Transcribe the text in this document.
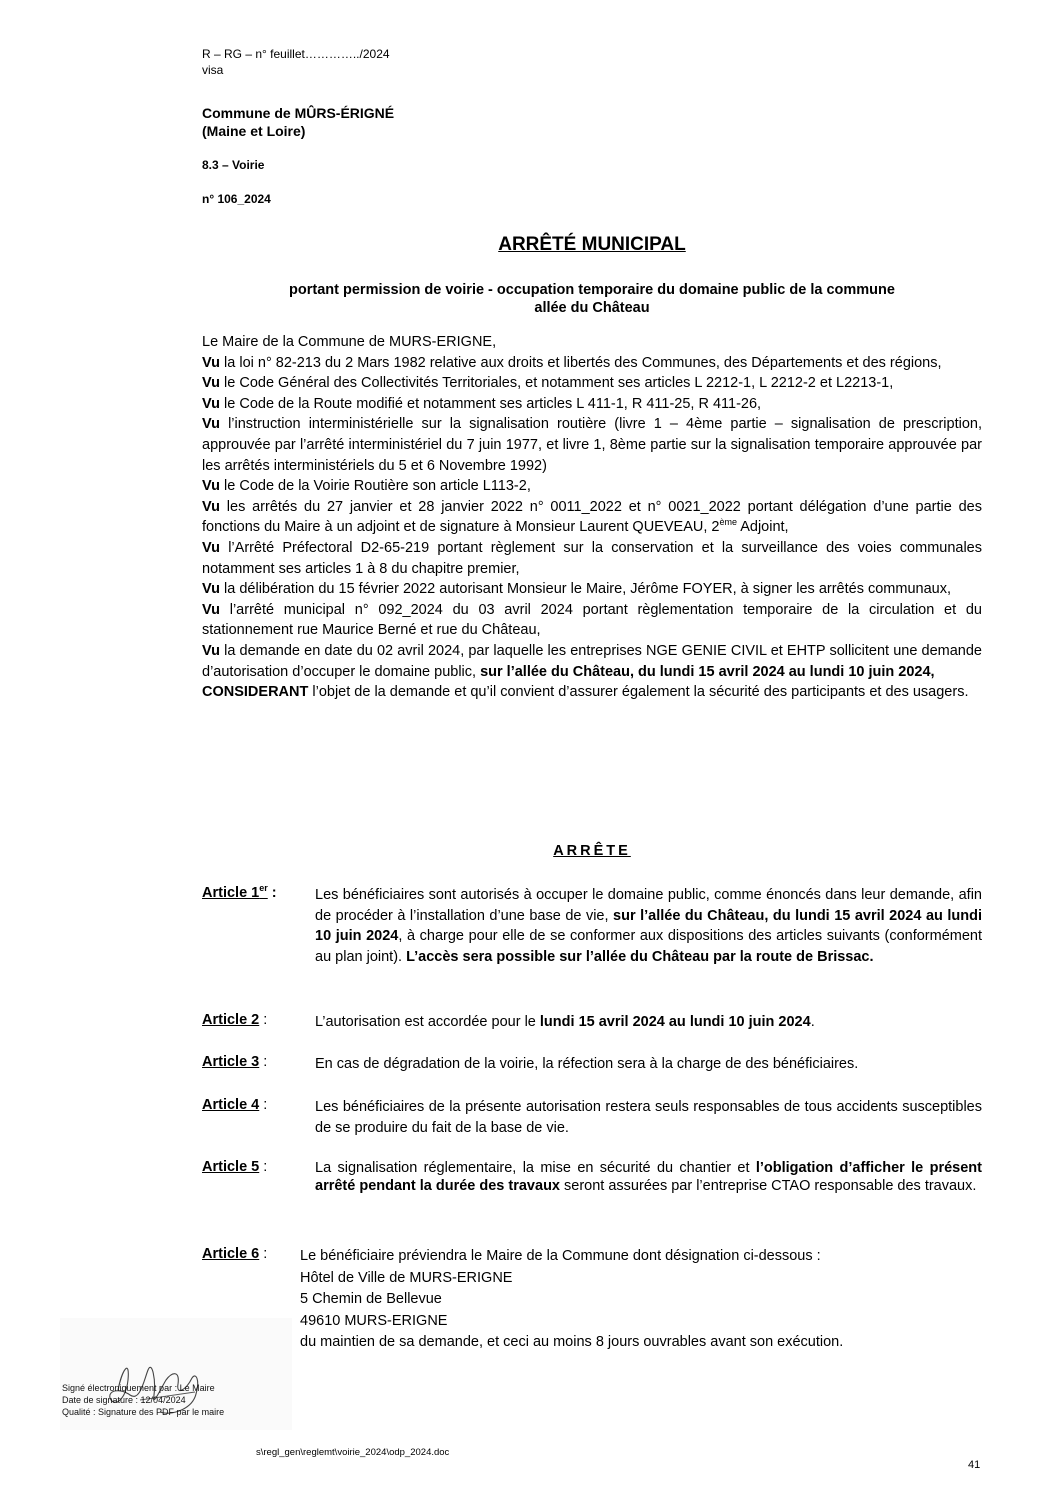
R – RG – n° feuillet…………../2024
visa
Commune de MÛRS-ÉRIGNÉ
(Maine et Loire)
8.3 – Voirie
n° 106_2024
ARRÊTÉ MUNICIPAL
portant permission de voirie - occupation temporaire du domaine public de la commune
allée du Château

Le Maire de la Commune de MURS-ERIGNE,

Vu la loi n° 82-213 du 2 Mars 1982 relative aux droits et libertés des Communes, des Départements et des régions,

Vu le Code Général des Collectivités Territoriales, et notamment ses articles L 2212-1, L 2212-2 et L2213-1,

Vu le Code de la Route modifié et notamment ses articles L 411-1, R 411-25, R 411-26,

Vu l’instruction interministérielle sur la signalisation routière (livre 1 – 4ème partie – signalisation de prescription, approuvée par l’arrêté interministériel du 7 juin 1977, et livre 1, 8ème partie sur la signalisation temporaire approuvée par les arrêtés interministériels du 5 et 6 Novembre 1992)

Vu le Code de la Voirie Routière son article L113-2,

Vu les arrêtés du 27 janvier et 28 janvier 2022 n° 0011_2022 et n° 0021_2022 portant délégation d’une partie des fonctions du Maire à un adjoint et de signature à Monsieur Laurent QUEVEAU, 2ème Adjoint,

Vu l’Arrêté Préfectoral D2-65-219 portant règlement sur la conservation et la surveillance des voies communales notamment ses articles 1 à 8 du chapitre premier,

Vu la délibération du 15 février 2022 autorisant Monsieur le Maire, Jérôme FOYER, à signer les arrêtés communaux,

Vu l’arrêté municipal n° 092_2024 du 03 avril 2024 portant règlementation temporaire de la circulation et du stationnement rue Maurice Berné et rue du Château,

Vu la demande en date du 02 avril 2024, par laquelle les entreprises NGE GENIE CIVIL et EHTP sollicitent une demande d’autorisation d’occuper le domaine public, sur l’allée du Château, du lundi 15 avril 2024 au lundi 10 juin 2024,

CONSIDERANT l’objet de la demande et qu’il convient d’assurer également la sécurité des participants et des usagers.

ARRÊTE
Article 1er :	Les bénéficiaires sont autorisés à occuper le domaine public, comme énoncés dans leur demande, afin de procéder à l’installation d’une base de vie, sur l’allée du Château, du lundi 15 avril 2024 au lundi 10 juin 2024, à charge pour elle de se conformer aux dispositions des articles suivants (conformément au plan joint). L’accès sera possible sur l’allée du Château par la route de Brissac.
Article 2 :	L’autorisation est accordée pour le lundi 15 avril 2024 au lundi 10 juin 2024.
Article 3 :	En cas de dégradation de la voirie, la réfection sera à la charge de des bénéficiaires.
Article 4 :	Les bénéficiaires de la présente autorisation restera seuls responsables de tous accidents susceptibles de se produire du fait de la base de vie.
Article 5 :	La signalisation réglementaire, la mise en sécurité du chantier et l’obligation d’afficher le présent arrêté pendant la durée des travaux seront assurées par l’entreprise CTAO responsable des travaux.
Article 6 : Le bénéficiaire préviendra le Maire de la Commune dont désignation ci-dessous :
Hôtel de Ville de MURS-ERIGNE
5 Chemin de Bellevue
49610 MURS-ERIGNE
du maintien de sa demande, et ceci au moins 8 jours ouvrables avant son exécution.
Signé électroniquement par : Le Maire
Date de signature : 12/04/2024
Qualité : Signature des PDF par le maire
s\regl_gen\reglemt\voirie_2024\odp_2024.doc
41
